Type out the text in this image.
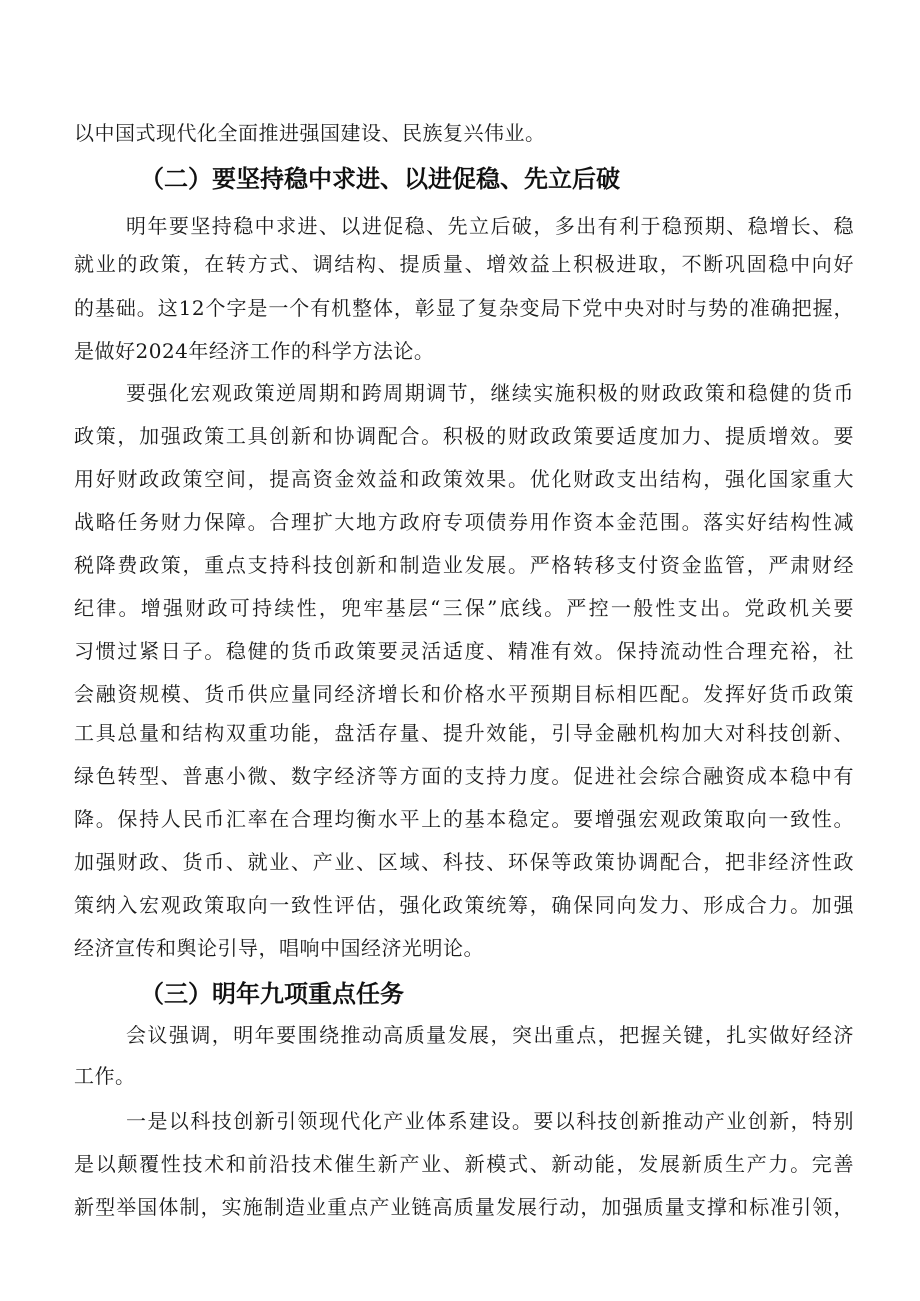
以中国式现代化全面推进强国建设、民族复兴伟业。
（二）要坚持稳中求进、以进促稳、先立后破
明年要坚持稳中求进、以进促稳、先立后破，多出有利于稳预期、稳增长、稳
就业的政策，在转方式、调结构、提质量、增效益上积极进取，不断巩固稳中向好
的基础。这12个字是一个有机整体，彰显了复杂变局下党中央对时与势的准确把握，
是做好2024年经济工作的科学方法论。
要强化宏观政策逆周期和跨周期调节，继续实施积极的财政政策和稳健的货币
政策，加强政策工具创新和协调配合。积极的财政政策要适度加力、提质增效。要
用好财政政策空间，提高资金效益和政策效果。优化财政支出结构，强化国家重大
战略任务财力保障。合理扩大地方政府专项债券用作资本金范围。落实好结构性减
税降费政策，重点支持科技创新和制造业发展。严格转移支付资金监管，严肃财经
纪律。增强财政可持续性，兜牢基层“三保”底线。严控一般性支出。党政机关要
习惯过紧日子。稳健的货币政策要灵活适度、精准有效。保持流动性合理充裕，社
会融资规模、货币供应量同经济增长和价格水平预期目标相匹配。发挥好货币政策
工具总量和结构双重功能，盘活存量、提升效能，引导金融机构加大对科技创新、
绿色转型、普惠小微、数字经济等方面的支持力度。促进社会综合融资成本稳中有
降。保持人民币汇率在合理均衡水平上的基本稳定。要增强宏观政策取向一致性。
加强财政、货币、就业、产业、区域、科技、环保等政策协调配合，把非经济性政
策纳入宏观政策取向一致性评估，强化政策统筹，确保同向发力、形成合力。加强
经济宣传和舆论引导，唱响中国经济光明论。
（三）明年九项重点任务
会议强调，明年要围绕推动高质量发展，突出重点，把握关键，扎实做好经济
工作。
一是以科技创新引领现代化产业体系建设。要以科技创新推动产业创新，特别
是以颠覆性技术和前沿技术催生新产业、新模式、新动能，发展新质生产力。完善
新型举国体制，实施制造业重点产业链高质量发展行动，加强质量支撑和标准引领，
